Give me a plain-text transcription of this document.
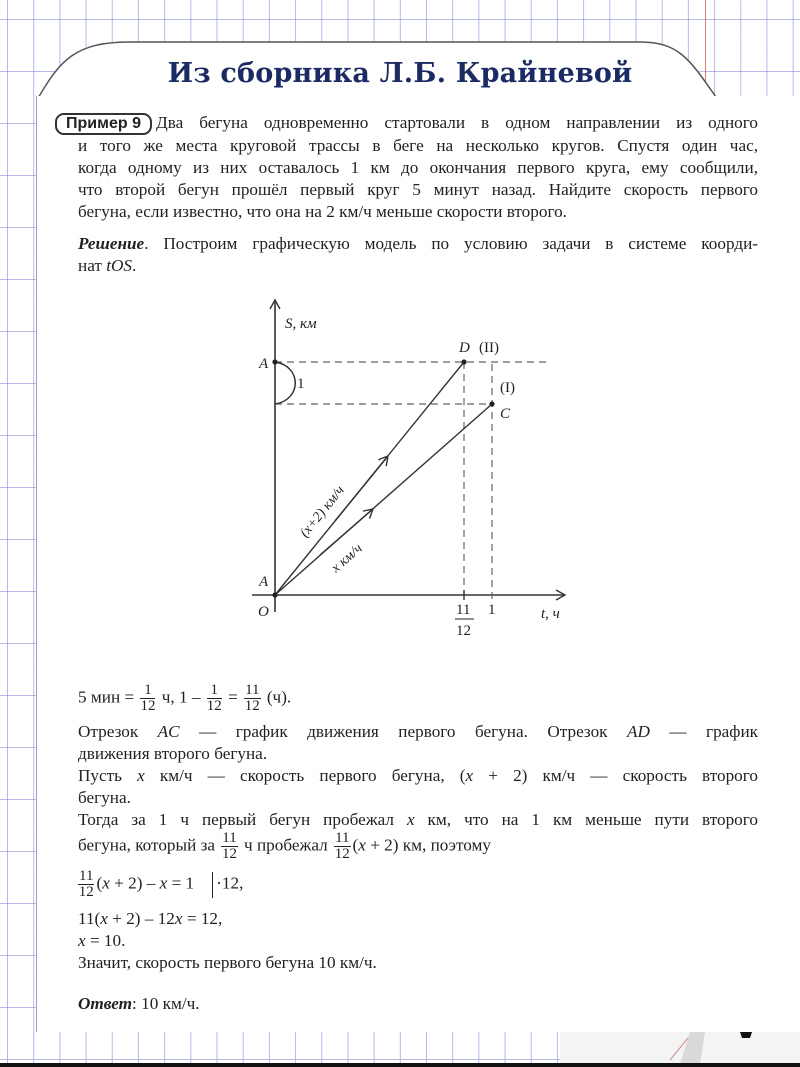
Из сборника Л.Б. Крайневой
Пример 9 Два бегуна одновременно стартовали в одном направлении из одного
и того же места круговой трассы в беге на несколько кругов. Спустя один час,
когда одному из них оставалось 1 км до окончания первого круга, ему сообщили,
что второй бегун прошёл первый круг 5 минут назад. Найдите скорость первого
бегуна, если известно, что она на 2 км/ч меньше скорости второго.
Решение. Построим графическую модель по условию задачи в системе коорди-
нат tOS.
S, км
t, ч
O
A
A
D (II)
(I)
C
1
(x+2) км/ч
x км/ч
11
12
1
5 мин = $\frac{1}{12} ч$, $1 - \frac{1}{12} = \frac{11}{12} (ч)$.
Отрезок AC — график движения первого бегуна. Отрезок AD — график
движения второго бегуна.
Пусть x км/ч — скорость первого бегуна, (x + 2) км/ч — скорость второго
бегуна.
Тогда за 1 ч первый бегун пробежал x км, что на 1 км меньше пути второго
бегуна, который за $\frac{11}{12}$ ч пробежал $\frac{11}{12} (x + 2)$ км, поэтому
$\frac{11}{12} (x + 2) - x = 1 \cdot 12$,
11(x + 2) – 12x = 12,
x = 10.
Значит, скорость первого бегуна 10 км/ч.
Ответ: 10 км/ч.
